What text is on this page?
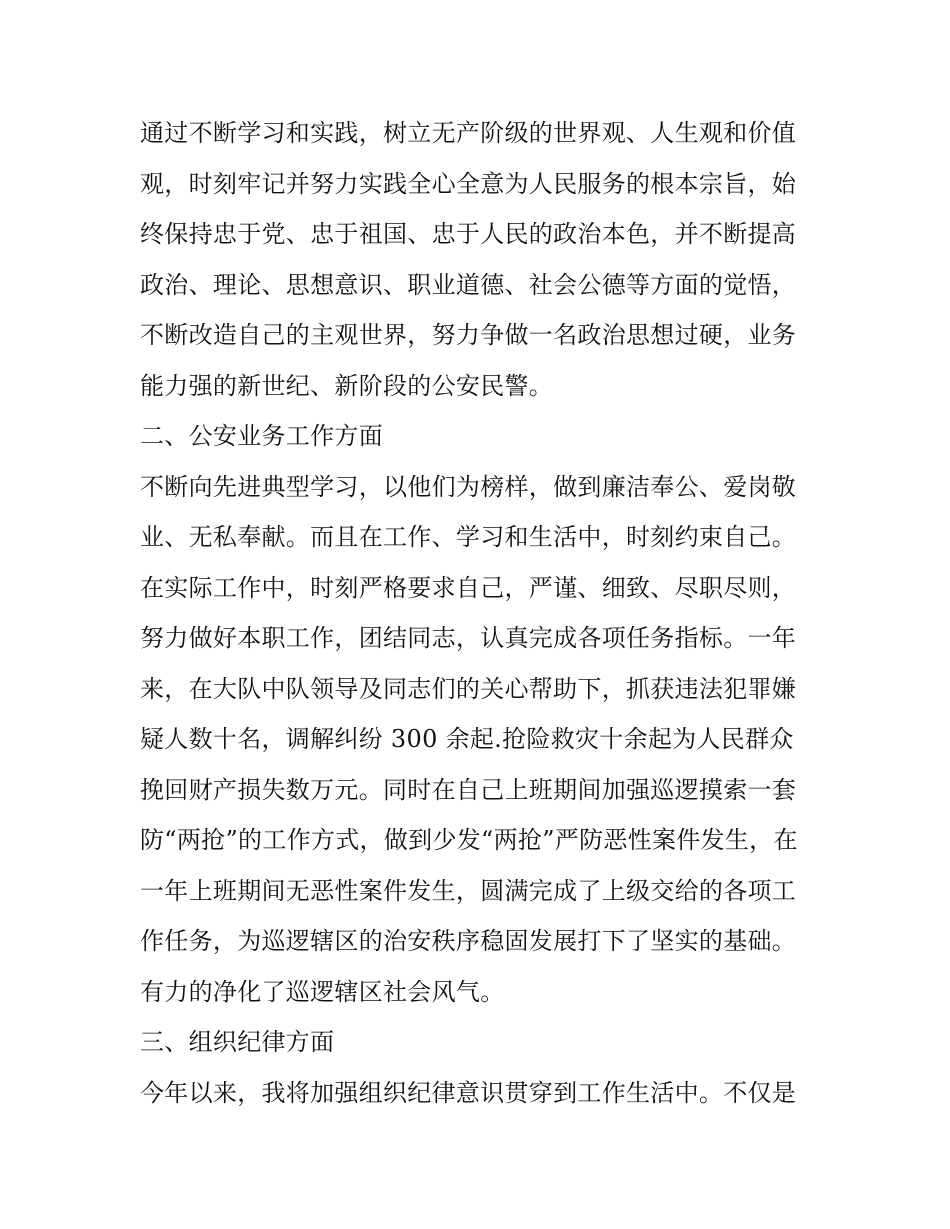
通过不断学习和实践，树立无产阶级的世界观、人生观和价值
观，时刻牢记并努力实践全心全意为人民服务的根本宗旨，始
终保持忠于党、忠于祖国、忠于人民的政治本色，并不断提高
政治、理论、思想意识、职业道德、社会公德等方面的觉悟，
不断改造自己的主观世界，努力争做一名政治思想过硬，业务
能力强的新世纪、新阶段的公安民警。
二、公安业务工作方面
不断向先进典型学习，以他们为榜样，做到廉洁奉公、爱岗敬
业、无私奉献。而且在工作、学习和生活中，时刻约束自己。
在实际工作中，时刻严格要求自己，严谨、细致、尽职尽则，
努力做好本职工作，团结同志，认真完成各项任务指标。一年
来，在大队中队领导及同志们的关心帮助下，抓获违法犯罪嫌
疑人数十名，调解纠纷 300 余起.抢险救灾十余起为人民群众
挽回财产损失数万元。同时在自己上班期间加强巡逻摸索一套
防“两抢”的工作方式，做到少发“两抢”严防恶性案件发生，在
一年上班期间无恶性案件发生，圆满完成了上级交给的各项工
作任务，为巡逻辖区的治安秩序稳固发展打下了坚实的基础。
有力的净化了巡逻辖区社会风气。
三、组织纪律方面
今年以来，我将加强组织纪律意识贯穿到工作生活中。不仅是
